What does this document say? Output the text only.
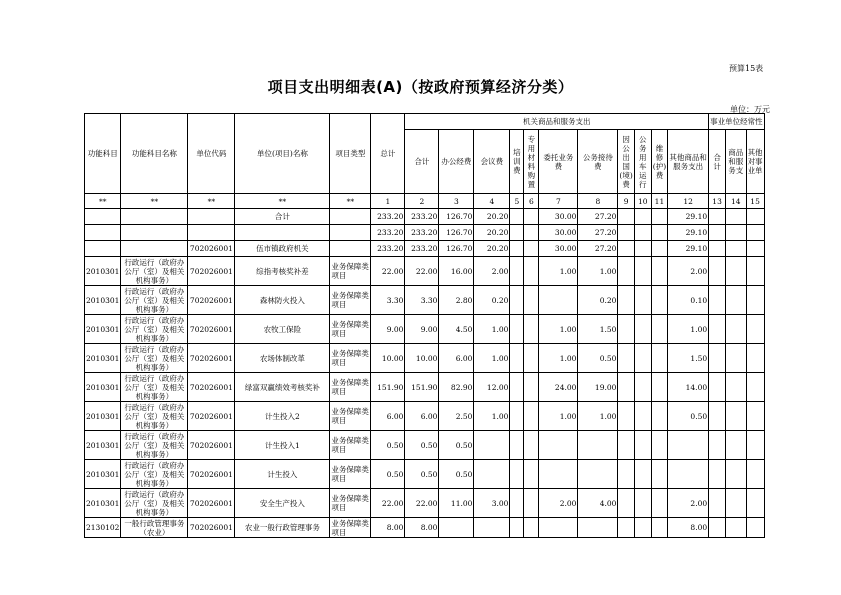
预算15表
项目支出明细表(A)（按政府预算经济分类）
单位：万元
功能科目	功能科目名称	单位代码	单位(项目)名称	项目类型	总计	机关商品和服务支出											事业单位经常性		
						合计	办公经费	会议费	培训费	专用材料购置	委托业务费	公务接待费	因公出国(境)费	公务用车运行	维修(护)费	其他商品和服务支出	合计	商品和服务支	其他对事业单
**	**	**	**	**	1	2	3	4	5	6	7	8	9	10	11	12	13	14	15
			合计		233.20	233.20	126.70	20.20			30.00	27.20				29.10			
					233.20	233.20	126.70	20.20			30.00	27.20				29.10			
		702026001	伍市镇政府机关		233.20	233.20	126.70	20.20			30.00	27.20				29.10			
2010301	行政运行（政府办公厅（室）及相关机构事务）	702026001	综指考核奖补差	业务保障类项目	22.00	22.00	16.00	2.00			1.00	1.00				2.00			
2010301	行政运行（政府办公厅（室）及相关机构事务）	702026001	森林防火投入	业务保障类项目	3.30	3.30	2.80	0.20				0.20				0.10			
2010301	行政运行（政府办公厅（室）及相关机构事务）	702026001	农牧工保险	业务保障类项目	9.00	9.00	4.50	1.00			1.00	1.50				1.00			
2010301	行政运行（政府办公厅（室）及相关机构事务）	702026001	农场体制改革	业务保障类项目	10.00	10.00	6.00	1.00			1.00	0.50				1.50			
2010301	行政运行（政府办公厅（室）及相关机构事务）	702026001	绿富双赢绩效考核奖补	业务保障类项目	151.90	151.90	82.90	12.00			24.00	19.00				14.00			
2010301	行政运行（政府办公厅（室）及相关机构事务）	702026001	计生投入2	业务保障类项目	6.00	6.00	2.50	1.00			1.00	1.00				0.50			
2010301	行政运行（政府办公厅（室）及相关机构事务）	702026001	计生投入1	业务保障类项目	0.50	0.50	0.50												
2010301	行政运行（政府办公厅（室）及相关机构事务）	702026001	计生投入	业务保障类项目	0.50	0.50	0.50												
2010301	行政运行（政府办公厅（室）及相关机构事务）	702026001	安全生产投入	业务保障类项目	22.00	22.00	11.00	3.00			2.00	4.00				2.00			
2130102	一般行政管理事务（农业）	702026001	农业一般行政管理事务	业务保障类项目	8.00	8.00										8.00			
